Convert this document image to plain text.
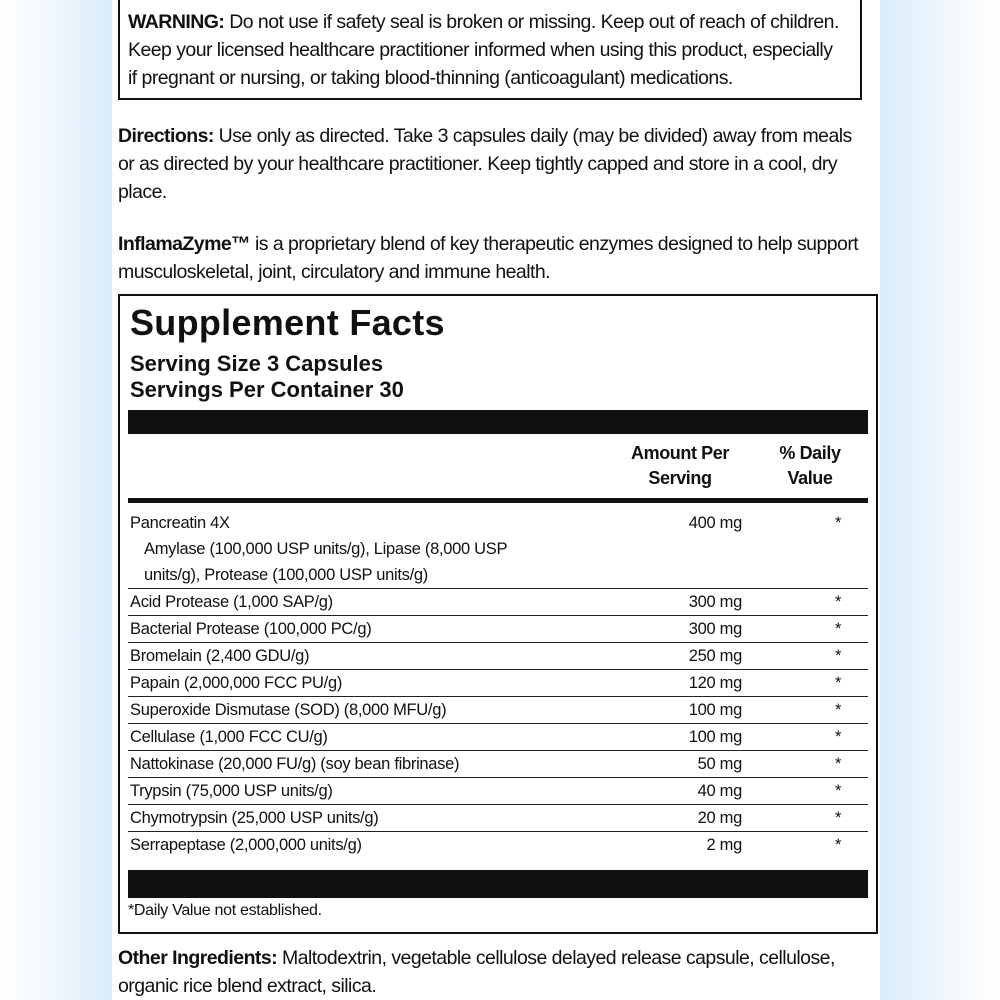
WARNING: Do not use if safety seal is broken or missing. Keep out of reach of children.

Keep your licensed healthcare practitioner informed when using this product, especially

if pregnant or nursing, or taking blood-thinning (anticoagulant) medications.

Directions: Use only as directed. Take 3 capsules daily (may be divided) away from meals

or as directed by your healthcare practitioner. Keep tightly capped and store in a cool, dry

place.

InflamaZyme™ is a proprietary blend of key therapeutic enzymes designed to help support

musculoskeletal, joint, circulatory and immune health.

Supplement Facts
Serving Size 3 Capsules
Servings Per Container 30
Amount Per
Serving
% Daily
Value
Pancreatin 4X	400 mg	*
Amylase (100,000 USP units/g), Lipase (8,000 USP
units/g), Protease (100,000 USP units/g)
Acid Protease (1,000 SAP/g)	300 mg	*
Bacterial Protease (100,000 PC/g)	300 mg	*
Bromelain (2,400 GDU/g)	250 mg	*
Papain (2,000,000 FCC PU/g)	120 mg	*
Superoxide Dismutase (SOD) (8,000 MFU/g)	100 mg	*
Cellulase (1,000 FCC CU/g)	100 mg	*
Nattokinase (20,000 FU/g) (soy bean fibrinase)	50 mg	*
Trypsin (75,000 USP units/g)	40 mg	*
Chymotrypsin (25,000 USP units/g)	20 mg	*
Serrapeptase (2,000,000 units/g)	2 mg	*
*Daily Value not established.

Other Ingredients: Maltodextrin, vegetable cellulose delayed release capsule, cellulose,

organic rice blend extract, silica.
